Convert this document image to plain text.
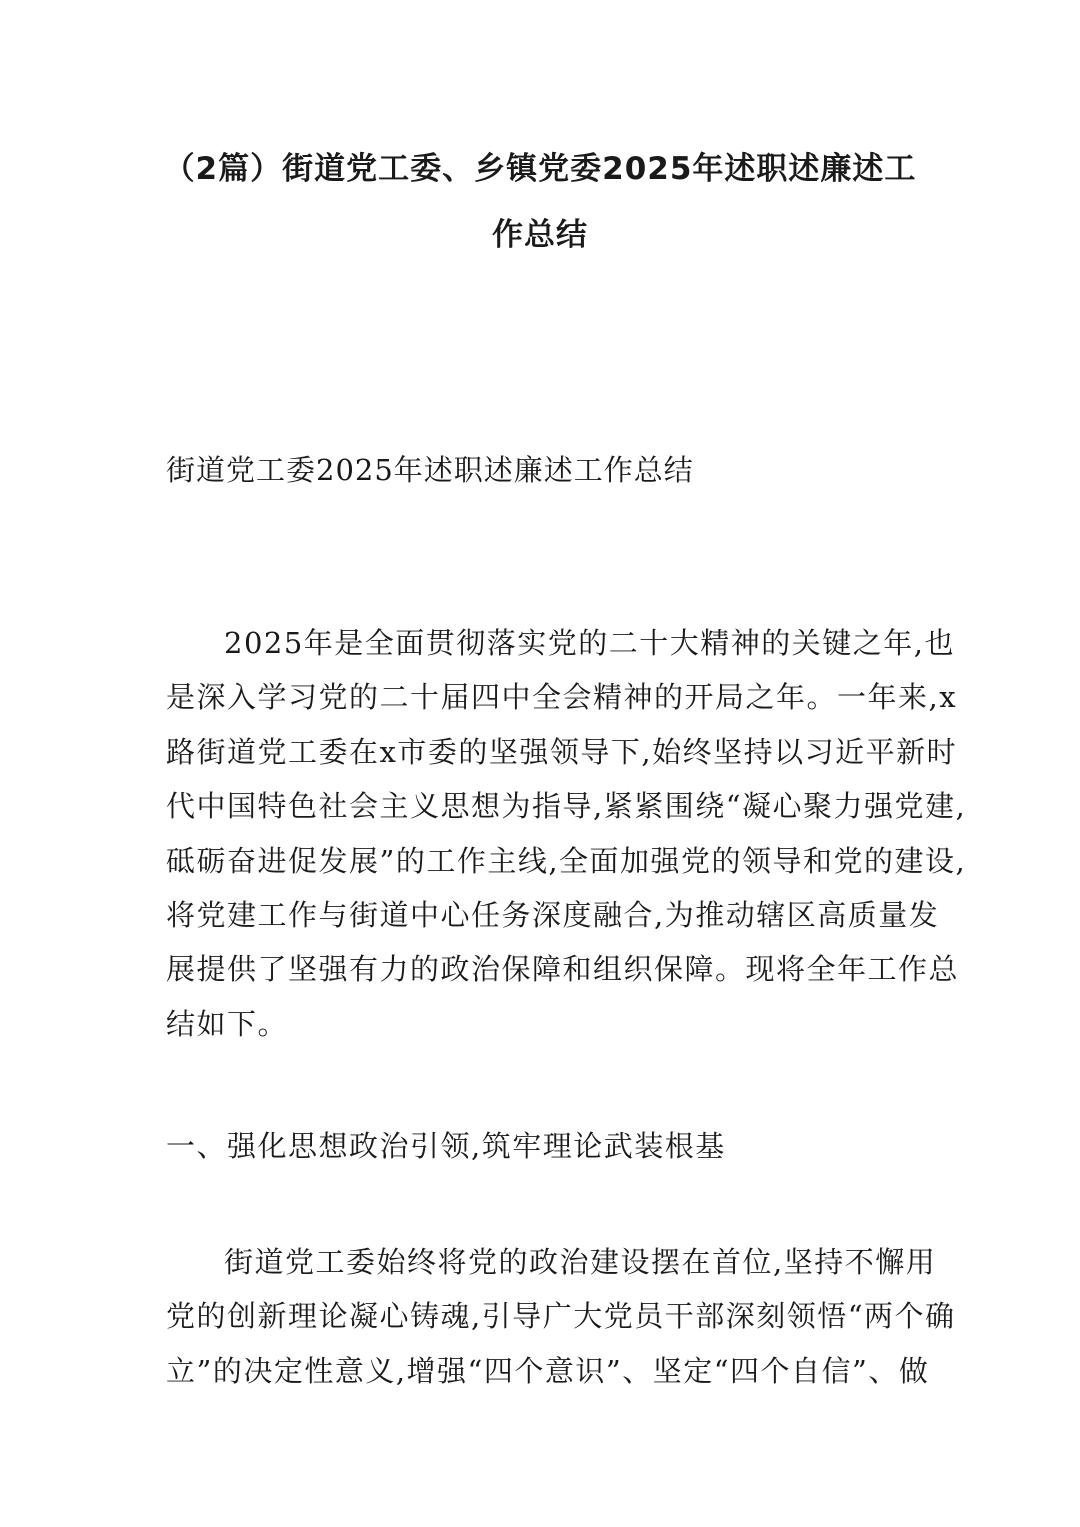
（2篇）街道党工委、乡镇党委2025年述职述廉述工
作总结

街道党工委2025年述职述廉述工作总结

2025年是全面贯彻落实党的二十大精神的关键之年,也
是深入学习党的二十届四中全会精神的开局之年。一年来,x
路街道党工委在x市委的坚强领导下,始终坚持以习近平新时
代中国特色社会主义思想为指导,紧紧围绕“凝心聚力强党建,
砥砺奋进促发展”的工作主线,全面加强党的领导和党的建设,
将党建工作与街道中心任务深度融合,为推动辖区高质量发
展提供了坚强有力的政治保障和组织保障。现将全年工作总
结如下。

一、强化思想政治引领,筑牢理论武装根基

街道党工委始终将党的政治建设摆在首位,坚持不懈用
党的创新理论凝心铸魂,引导广大党员干部深刻领悟“两个确
立”的决定性意义,增强“四个意识”、坚定“四个自信”、做
